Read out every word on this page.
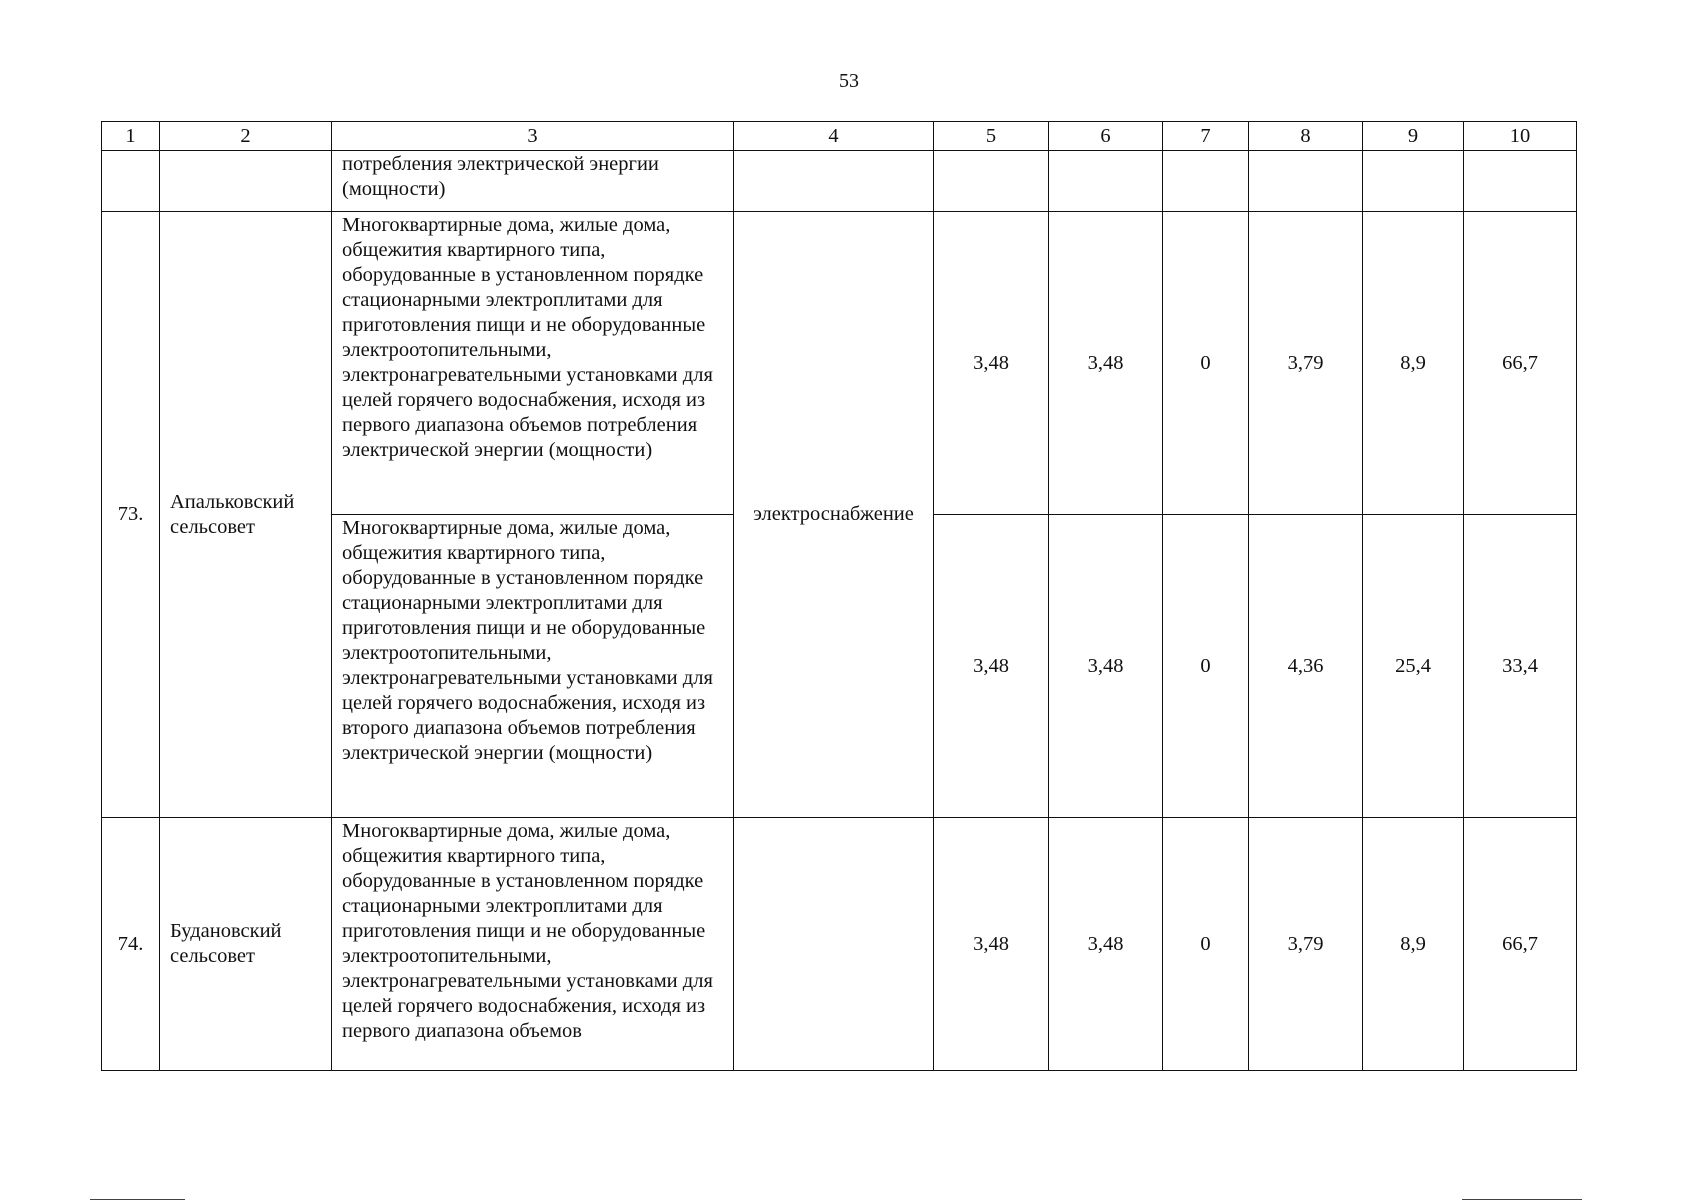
53
1	2	3	4	5	6	7	8	9	10
		потребления электрической энергии (мощности)							
73.	Апальковский сельсовет	Многоквартирные дома, жилые дома, общежития квартирного типа, оборудованные в установленном порядке стационарными электроплитами для приготовления пищи и не оборудованные электроотопительными, электронагревательными установками для целей горячего водоснабжения, исходя из первого диапазона объемов потребления электрической энергии (мощности)	электроснабжение	3,48	3,48	0	3,79	8,9	66,7
		Многоквартирные дома, жилые дома, общежития квартирного типа, оборудованные в установленном порядке стационарными электроплитами для приготовления пищи и не оборудованные электроотопительными, электронагревательными установками для целей горячего водоснабжения, исходя из второго диапазона объемов потребления электрической энергии (мощности)		3,48	3,48	0	4,36	25,4	33,4
74.	Будановский сельсовет	Многоквартирные дома, жилые дома, общежития квартирного типа, оборудованные в установленном порядке стационарными электроплитами для приготовления пищи и не оборудованные электроотопительными, электронагревательными установками для целей горячего водоснабжения, исходя из первого диапазона объемов		3,48	3,48	0	3,79	8,9	66,7
